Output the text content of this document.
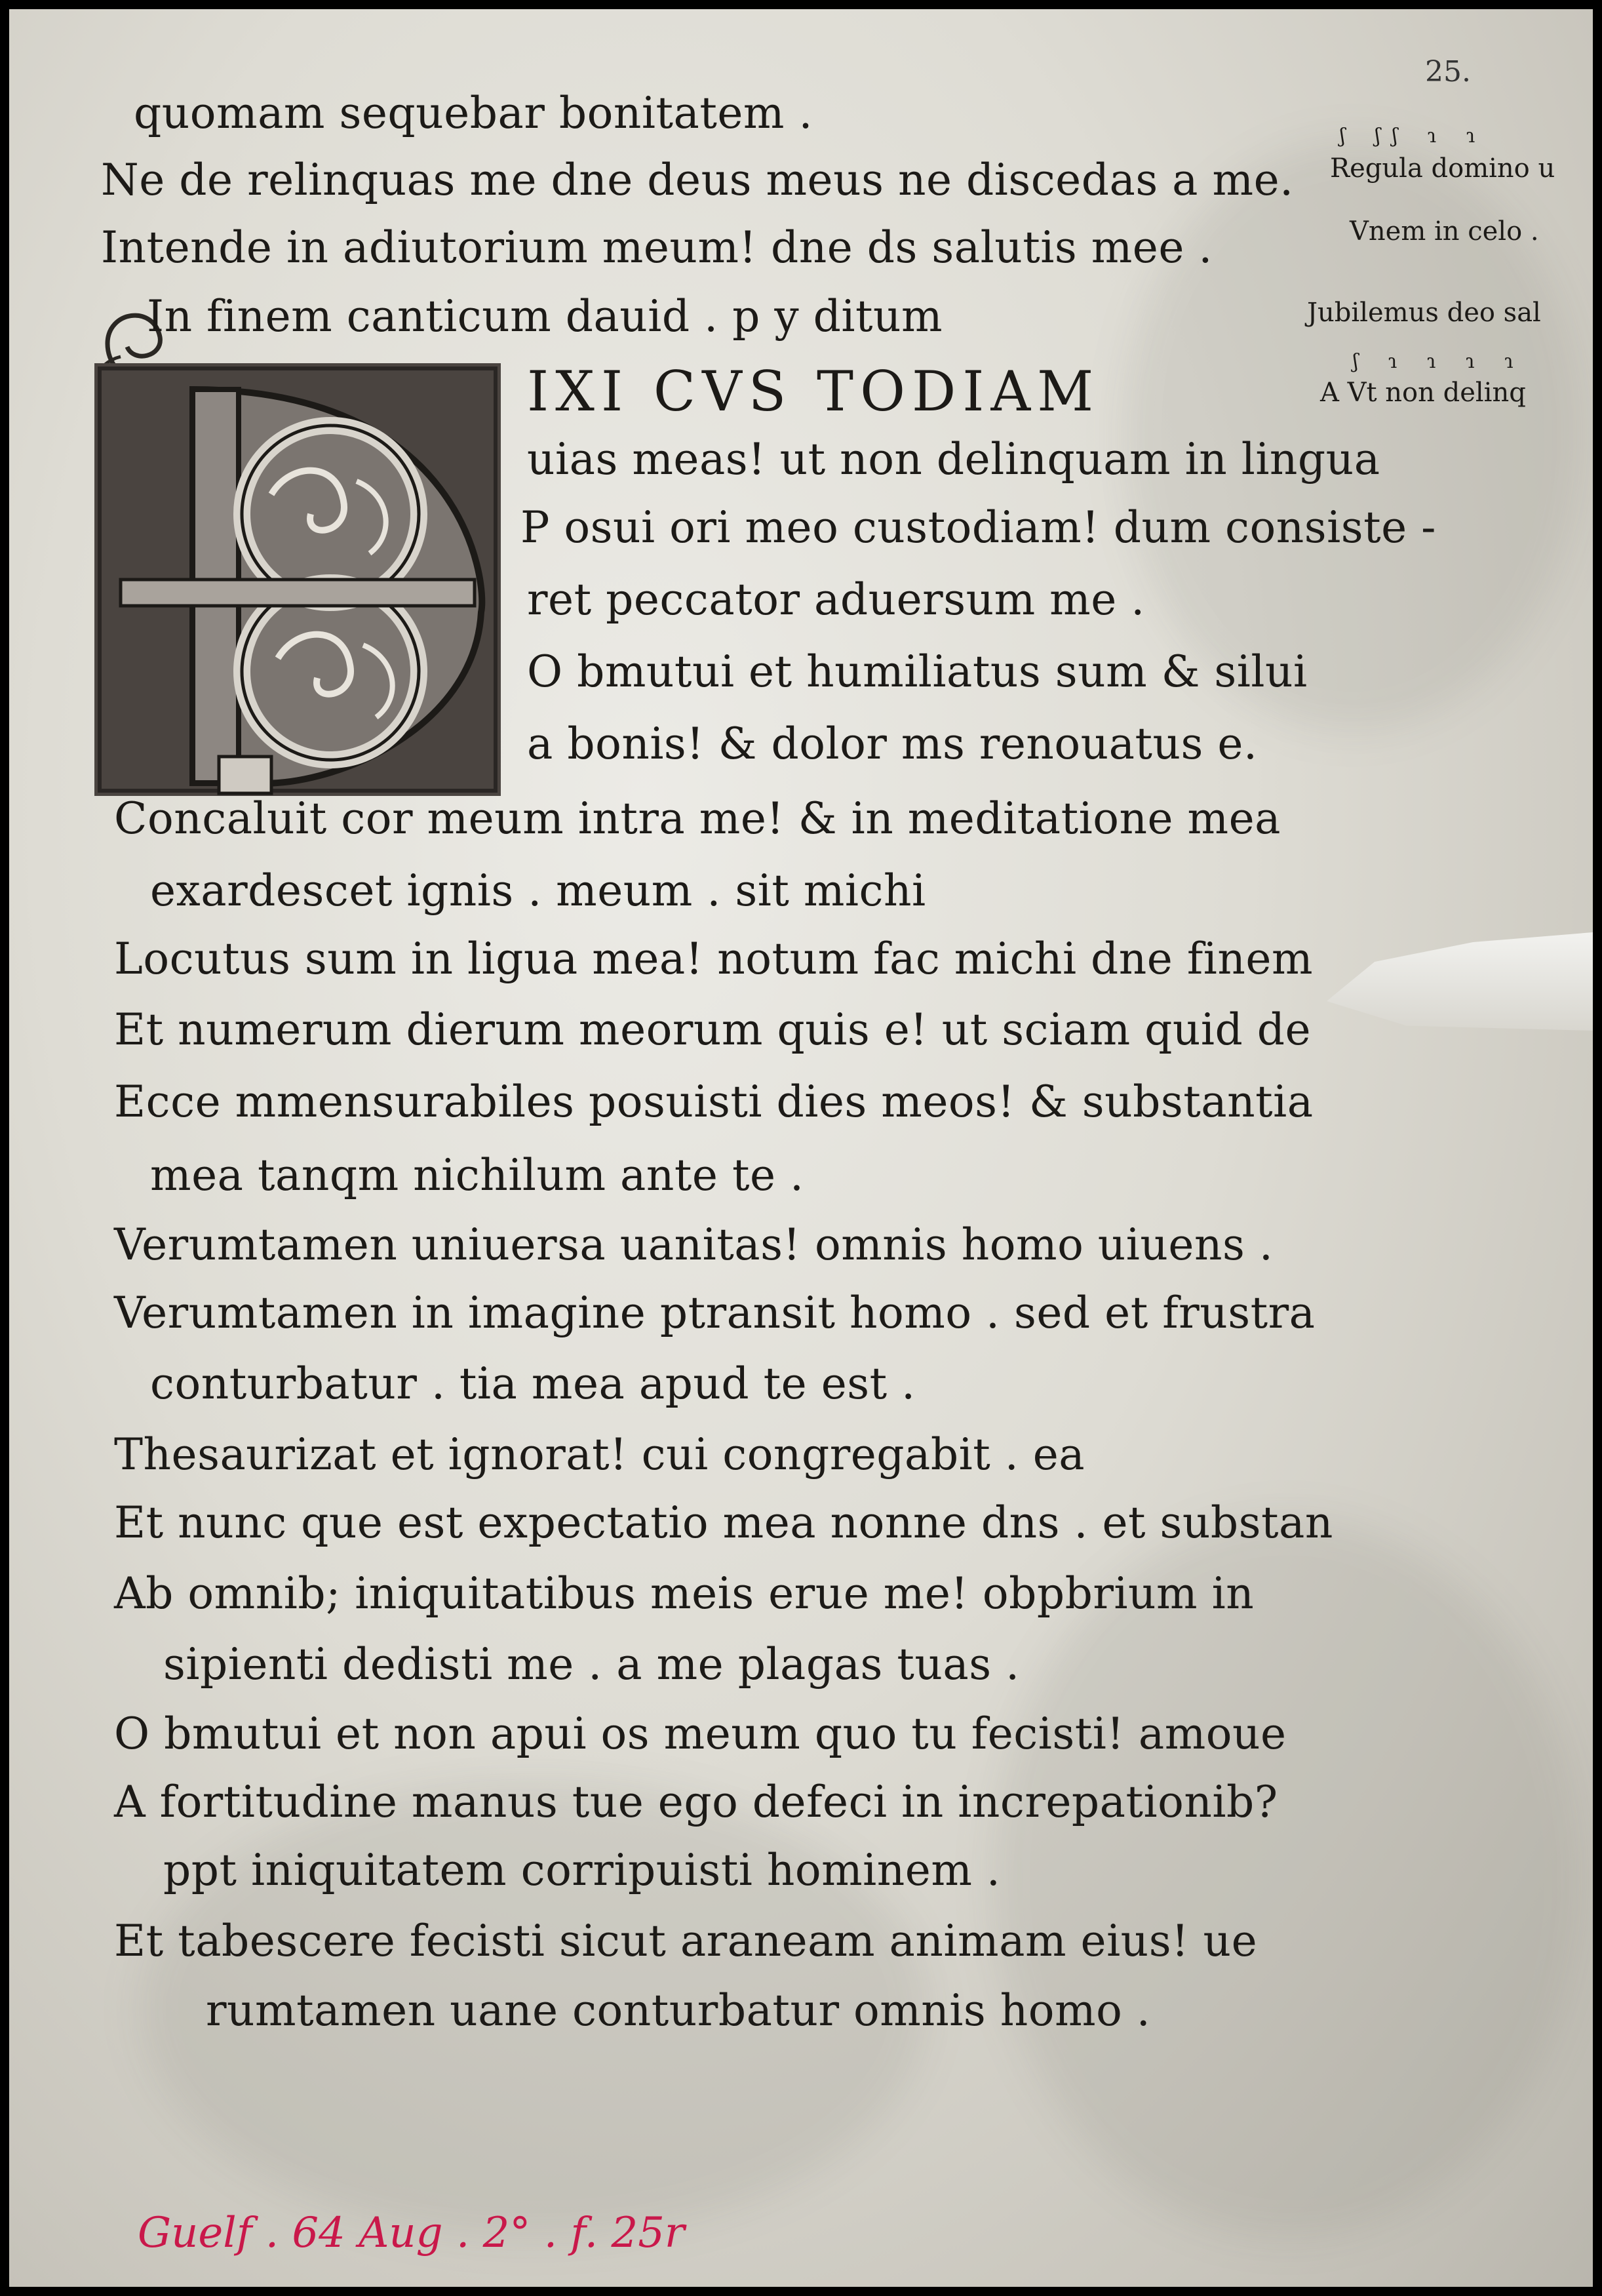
25.
quomam sequebar bonitatem .
Ne de relinquas me dne deus meus ne discedas a me.
Intende in adiutorium meum! dne ds salutis mee .
In finem canticum dauid . p y ditum
IXI CVS TODIAM
uias meas! ut non delinquam in lingua
P osui ori meo custodiam! dum consiste -
ret peccator aduersum me .
O bmutui et humiliatus sum & silui
a bonis! & dolor ms renouatus e.
Concaluit cor meum intra me! & in meditatione mea
exardescet ignis . meum . sit michi
Locutus sum in ligua mea! notum fac michi dne finem
Et numerum dierum meorum quis e! ut sciam quid de
Ecce mmensurabiles posuisti dies meos! & substantia
mea tanqm nichilum ante te .
Verumtamen uniuersa uanitas! omnis homo uiuens .
Verumtamen in imagine ptransit homo . sed et frustra
conturbatur . tia mea apud te est .
Thesaurizat et ignorat! cui congregabit . ea
Et nunc que est expectatio mea nonne dns . et substan
Ab omnib; iniquitatibus meis erue me! obpbrium in
sipienti dedisti me . a me plagas tuas .
O bmutui et non apui os meum quo tu fecisti! amoue
A fortitudine manus tue ego defeci in increpationib?
ppt iniquitatem corripuisti hominem .
Et tabescere fecisti sicut araneam animam eius! ue
rumtamen uane conturbatur omnis homo .
ʃ ʃʃ ɿ ɿ
Regula domino u
Vnem in celo .
Jubilemus deo sal
ʃ ɿ ɿ ɿ ɿ
A Vt non delinq
Guelf . 64 Aug . 2° . f. 25r
